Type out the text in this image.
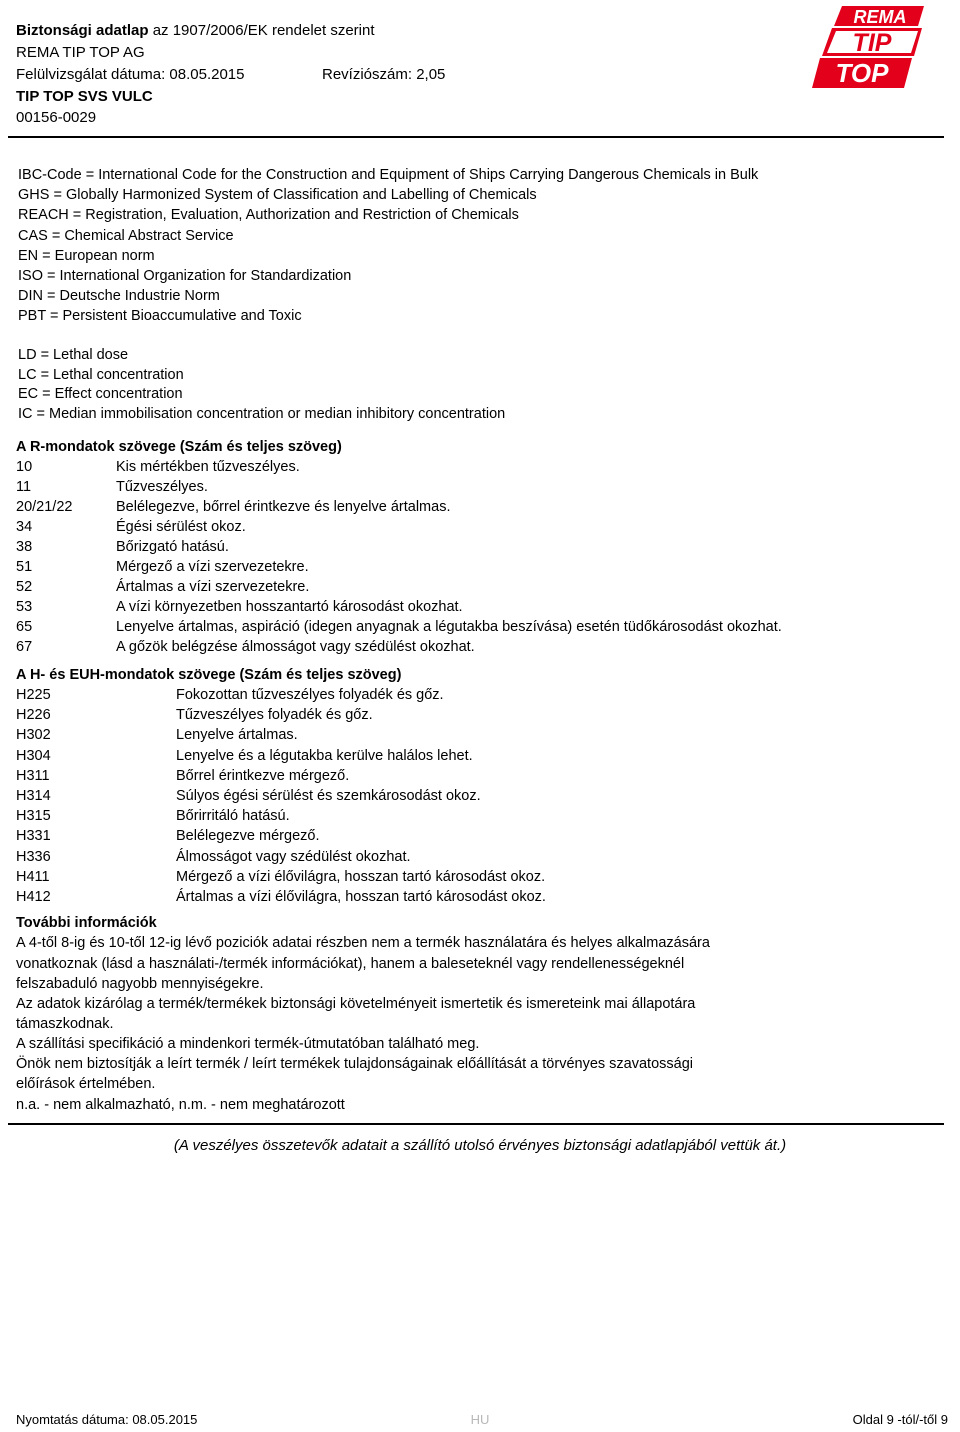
Biztonsági adatlap az 1907/2006/EK rendelet szerint
REMA TIP TOP AG
Felülvizsgálat dátuma: 08.05.2015	Revíziószám: 2,05
TIP TOP SVS VULC
00156-0029
REMA
TIP
TOP
IBC-Code = International Code for the Construction and Equipment of Ships Carrying Dangerous Chemicals in Bulk
GHS = Globally Harmonized System of Classification and Labelling of Chemicals
REACH = Registration, Evaluation, Authorization and Restriction of Chemicals
CAS = Chemical Abstract Service
EN = European norm
ISO = International Organization for Standardization
DIN = Deutsche Industrie Norm
PBT = Persistent Bioaccumulative and Toxic
LD = Lethal dose
LC = Lethal concentration
EC = Effect concentration
IC = Median immobilisation concentration or median inhibitory concentration
A R-mondatok szövege (Szám és teljes szöveg)
10	Kis mértékben tűzveszélyes.
11	Tűzveszélyes.
20/21/22	Belélegezve, bőrrel érintkezve és lenyelve ártalmas.
34	Égési sérülést okoz.
38	Bőrizgató hatású.
51	Mérgező a vízi szervezetekre.
52	Ártalmas a vízi szervezetekre.
53	A vízi környezetben hosszantartó károsodást okozhat.
65	Lenyelve ártalmas, aspiráció (idegen anyagnak a légutakba beszívása) esetén tüdőkárosodást okozhat.
67	A gőzök belégzése álmosságot vagy szédülést okozhat.
A H- és EUH-mondatok szövege (Szám és teljes szöveg)
H225	Fokozottan tűzveszélyes folyadék és gőz.
H226	Tűzveszélyes folyadék és gőz.
H302	Lenyelve ártalmas.
H304	Lenyelve és a légutakba kerülve halálos lehet.
H311	Bőrrel érintkezve mérgező.
H314	Súlyos égési sérülést és szemkárosodást okoz.
H315	Bőrirritáló hatású.
H331	Belélegezve mérgező.
H336	Álmosságot vagy szédülést okozhat.
H411	Mérgező a vízi élővilágra, hosszan tartó károsodást okoz.
H412	Ártalmas a vízi élővilágra, hosszan tartó károsodást okoz.
További információk
A 4-től 8-ig és 10-től 12-ig lévő poziciók adatai részben nem a termék használatára és helyes alkalmazására
vonatkoznak (lásd a használati-/termék információkat), hanem a baleseteknél vagy rendellenességeknél
felszabaduló nagyobb mennyiségekre.
Az adatok kizárólag a termék/termékek biztonsági követelményeit ismertetik és ismereteink mai állapotára
támaszkodnak.
A szállítási specifikáció a mindenkori termék-útmutatóban található meg.
Önök nem biztosítják a leírt termék / leírt termékek tulajdonságainak előállítását a törvényes szavatossági
előírások értelmében.
n.a. - nem alkalmazható, n.m. - nem meghatározott
(A veszélyes összetevők adatait a szállító utolsó érvényes biztonsági adatlapjából vettük át.)
Nyomtatás dátuma: 08.05.2015	HU	Oldal 9 -tól/-től 9
